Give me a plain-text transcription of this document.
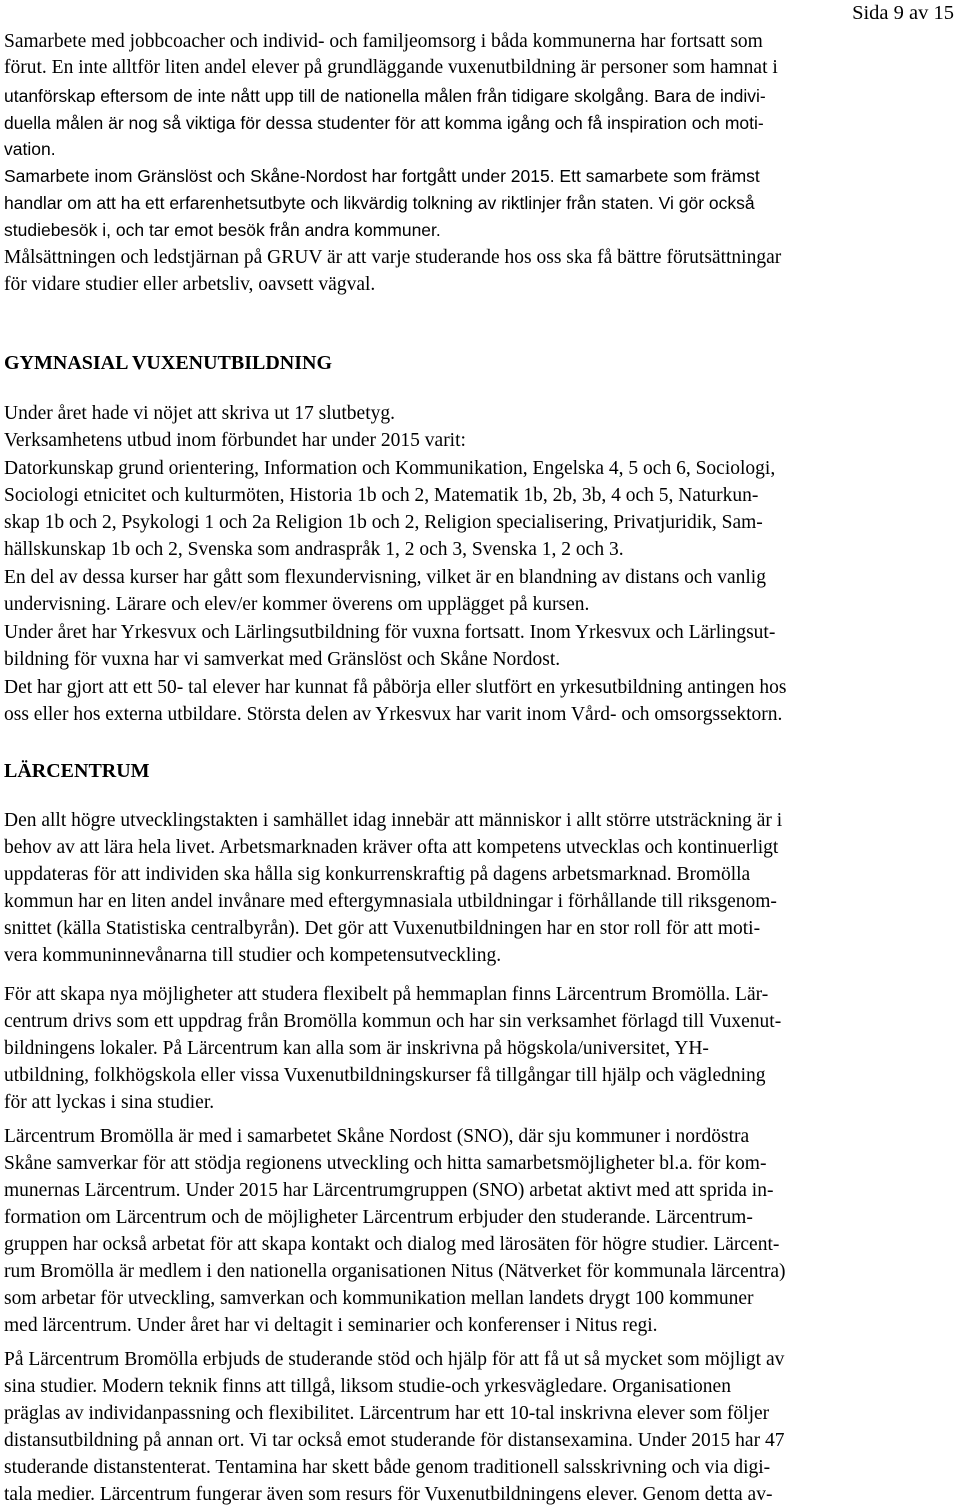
Sida 9 av 15
Samarbete med jobbcoacher och individ- och familjeomsorg i båda kommunerna har fortsatt som
förut. En inte alltför liten andel elever på grundläggande vuxenutbildning är personer som hamnat i
utanförskap eftersom de inte nått upp till de nationella målen från tidigare skolgång. Bara de indivi-
duella målen är nog så viktiga för dessa studenter för att komma igång och få inspiration och moti-
vation.
Samarbete inom Gränslöst och Skåne-Nordost har fortgått under 2015. Ett samarbete som främst
handlar om att ha ett erfarenhetsutbyte och likvärdig tolkning av riktlinjer från staten. Vi gör också
studiebesök i, och tar emot besök från andra kommuner.
Målsättningen och ledstjärnan på GRUV är att varje studerande hos oss ska få bättre förutsättningar
för vidare studier eller arbetsliv, oavsett vägval.
GYMNASIAL VUXENUTBILDNING
Under året hade vi nöjet att skriva ut 17 slutbetyg.
Verksamhetens utbud inom förbundet har under 2015 varit:
Datorkunskap grund orientering, Information och Kommunikation, Engelska 4, 5 och 6, Sociologi,
Sociologi etnicitet och kulturmöten, Historia 1b och 2, Matematik 1b, 2b, 3b, 4 och 5, Naturkun-
skap 1b och 2, Psykologi 1 och 2a Religion 1b och 2, Religion specialisering, Privatjuridik, Sam-
hällskunskap 1b och 2, Svenska som andraspråk 1, 2 och 3, Svenska 1, 2 och 3.
En del av dessa kurser har gått som flexundervisning, vilket är en blandning av distans och vanlig
undervisning. Lärare och elev/er kommer överens om upplägget på kursen.
Under året har Yrkesvux och Lärlingsutbildning för vuxna fortsatt. Inom Yrkesvux och Lärlingsut-
bildning för vuxna har vi samverkat med Gränslöst och Skåne Nordost.
Det har gjort att ett 50- tal elever har kunnat få påbörja eller slutfört en yrkesutbildning antingen hos
oss eller hos externa utbildare. Största delen av Yrkesvux har varit inom Vård- och omsorgssektorn.
LÄRCENTRUM
Den allt högre utvecklingstakten i samhället idag innebär att människor i allt större utsträckning är i
behov av att lära hela livet. Arbetsmarknaden kräver ofta att kompetens utvecklas och kontinuerligt
uppdateras för att individen ska hålla sig konkurrenskraftig på dagens arbetsmarknad. Bromölla
kommun har en liten andel invånare med eftergymnasiala utbildningar i förhållande till riksgenom-
snittet (källa Statistiska centralbyrån). Det gör att Vuxenutbildningen har en stor roll för att moti-
vera kommuninnevånarna till studier och kompetensutveckling.
För att skapa nya möjligheter att studera flexibelt på hemmaplan finns Lärcentrum Bromölla. Lär-
centrum drivs som ett uppdrag från Bromölla kommun och har sin verksamhet förlagd till Vuxenut-
bildningens lokaler. På Lärcentrum kan alla som är inskrivna på högskola/universitet, YH-
utbildning, folkhögskola eller vissa Vuxenutbildningskurser få tillgångar till hjälp och vägledning
för att lyckas i sina studier.
Lärcentrum Bromölla är med i samarbetet Skåne Nordost (SNO), där sju kommuner i nordöstra
Skåne samverkar för att stödja regionens utveckling och hitta samarbetsmöjligheter bl.a. för kom-
munernas Lärcentrum. Under 2015 har Lärcentrumgruppen (SNO) arbetat aktivt med att sprida in-
formation om Lärcentrum och de möjligheter Lärcentrum erbjuder den studerande. Lärcentrum-
gruppen har också arbetat för att skapa kontakt och dialog med lärosäten för högre studier. Lärcent-
rum Bromölla är medlem i den nationella organisationen Nitus (Nätverket för kommunala lärcentra)
som arbetar för utveckling, samverkan och kommunikation mellan landets drygt 100 kommuner
med lärcentrum. Under året har vi deltagit i seminarier och konferenser i Nitus regi.
På Lärcentrum Bromölla erbjuds de studerande stöd och hjälp för att få ut så mycket som möjligt av
sina studier. Modern teknik finns att tillgå, liksom studie-och yrkesvägledare. Organisationen
präglas av individanpassning och flexibilitet. Lärcentrum har ett 10-tal inskrivna elever som följer
distansutbildning på annan ort. Vi tar också emot studerande för distansexamina. Under 2015 har 47
studerande distanstenterat. Tentamina har skett både genom traditionell salsskrivning och via digi-
tala medier. Lärcentrum fungerar även som resurs för Vuxenutbildningens elever. Genom detta av-
